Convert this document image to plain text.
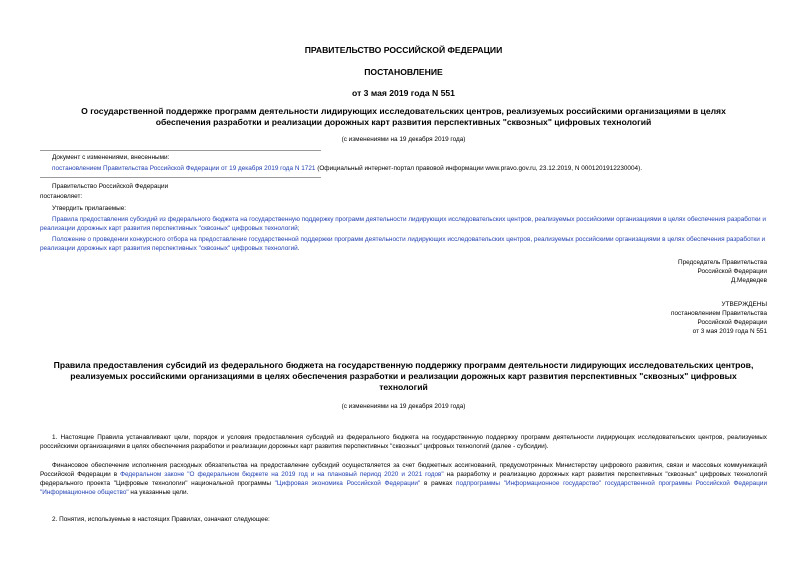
ПРАВИТЕЛЬСТВО РОССИЙСКОЙ ФЕДЕРАЦИИ
ПОСТАНОВЛЕНИЕ
от 3 мая 2019 года N 551
О государственной поддержке программ деятельности лидирующих исследовательских центров, реализуемых российскими организациями в целях обеспечения разработки и реализации дорожных карт развития перспективных "сквозных" цифровых технологий
(с изменениями на 19 декабря 2019 года)
Документ с изменениями, внесенными:
постановлением Правительства Российской Федерации от 19 декабря 2019 года N 1721 (Официальный интернет-портал правовой информации www.pravo.gov.ru, 23.12.2019, N 0001201912230004).
Правительство Российской Федерации
постановляет:
Утвердить прилагаемые:
Правила предоставления субсидий из федерального бюджета на государственную поддержку программ деятельности лидирующих исследовательских центров, реализуемых российскими организациями в целях обеспечения разработки и реализации дорожных карт развития перспективных "сквозных" цифровых технологий;
Положение о проведении конкурсного отбора на предоставление государственной поддержки программ деятельности лидирующих исследовательских центров, реализуемых российскими организациями в целях обеспечения разработки и реализации дорожных карт развития перспективных "сквозных" цифровых технологий.
Председатель Правительства
Российской Федерации
Д.Медведев
УТВЕРЖДЕНЫ
постановлением Правительства
Российской Федерации
от 3 мая 2019 года N 551
Правила предоставления субсидий из федерального бюджета на государственную поддержку программ деятельности лидирующих исследовательских центров, реализуемых российскими организациями в целях обеспечения разработки и реализации дорожных карт развития перспективных "сквозных" цифровых технологий
(с изменениями на 19 декабря 2019 года)
1. Настоящие Правила устанавливают цели, порядок и условия предоставления субсидий из федерального бюджета на государственную поддержку программ деятельности лидирующих исследовательских центров, реализуемых российскими организациями в целях обеспечения разработки и реализации дорожных карт развития перспективных "сквозных" цифровых технологий (далее - субсидии).
Финансовое обеспечение исполнения расходных обязательства на предоставление субсидий осуществляется за счет бюджетных ассигнований, предусмотренных Министерству цифрового развития, связи и массовых коммуникаций Российской Федерации в Федеральном законе "О федеральном бюджете на 2019 год и на плановый период 2020 и 2021 годов" на разработку и реализацию дорожных карт развития перспективных "сквозных" цифровых технологий федерального проекта "Цифровые технологии" национальной программы "Цифровая экономика Российской Федерации" в рамках подпрограммы "Информационное государство" государственной программы Российской Федерации "Информационное общество" на указанные цели.
2. Понятия, используемые в настоящих Правилах, означают следующее:
